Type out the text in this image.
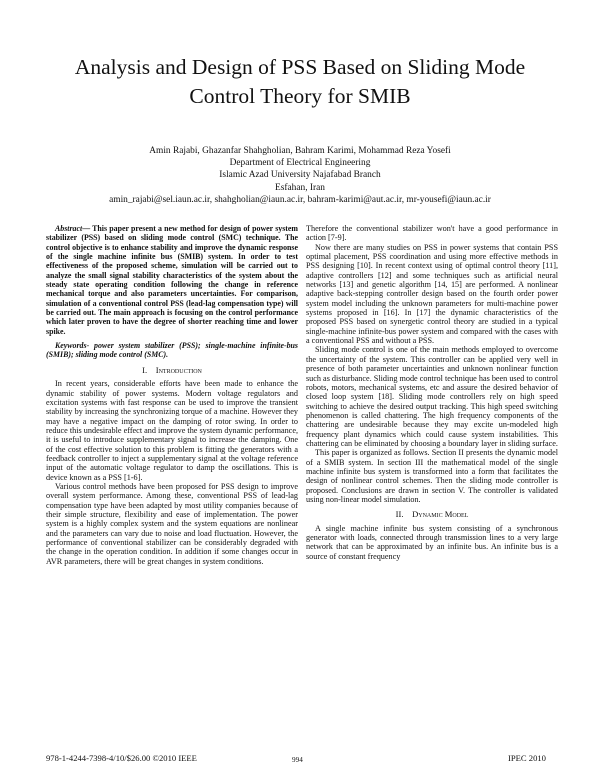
Analysis and Design of PSS Based on Sliding Mode
Control Theory for SMIB
Amin Rajabi, Ghazanfar Shahgholian, Bahram Karimi, Mohammad Reza Yosefi
Department of Electrical Engineering
Islamic Azad University Najafabad Branch
Esfahan, Iran
amin_rajabi@sel.iaun.ac.ir, shahgholian@iaun.ac.ir, bahram-karimi@aut.ac.ir, mr-yousefi@iaun.ac.ir

Abstract— This paper present a new method for design of power system stabilizer (PSS) based on sliding mode control (SMC) technique. The control objective is to enhance stability and improve the dynamic response of the single machine infinite bus (SMIB) system. In order to test effectiveness of the proposed scheme, simulation will be carried out to analyze the small signal stability characteristics of the system about the steady state operating condition following the change in reference mechanical torque and also parameters uncertainties. For comparison, simulation of a conventional control PSS (lead-lag compensation type) will be carried out. The main approach is focusing on the control performance which later proven to have the degree of shorter reaching time and lower spike.

Keywords- power system stabilizer (PSS); single-machine infinite-bus (SMIB); sliding mode control (SMC).

I. Introduction

In recent years, considerable efforts have been made to enhance the dynamic stability of power systems. Modern voltage regulators and excitation systems with fast response can be used to improve the transient stability by increasing the synchronizing torque of a machine. However they may have a negative impact on the damping of rotor swing. In order to reduce this undesirable effect and improve the system dynamic performance, it is useful to introduce supplementary signal to increase the damping. One of the cost effective solution to this problem is fitting the generators with a feedback controller to inject a supplementary signal at the voltage reference input of the automatic voltage regulator to damp the oscillations. This is device known as a PSS [1-6].

Various control methods have been proposed for PSS design to improve overall system performance. Among these, conventional PSS of lead-lag compensation type have been adapted by most utility companies because of their simple structure, flexibility and ease of implementation. The power system is a highly complex system and the system equations are nonlinear and the parameters can vary due to noise and load fluctuation. However, the performance of conventional stabilizer can be considerably degraded with the change in the operation condition. In addition if some changes occur in AVR parameters, there will be great changes in system conditions.

Therefore the conventional stabilizer won't have a good performance in action [7-9].

Now there are many studies on PSS in power systems that contain PSS optimal placement, PSS coordination and using more effective methods in PSS designing [10]. In recent context using of optimal control theory [11], adaptive controllers [12] and some techniques such as artificial neural networks [13] and genetic algorithm [14, 15] are performed. A nonlinear adaptive back-stepping controller design based on the fourth order power system model including the unknown parameters for multi-machine power systems proposed in [16]. In [17] the dynamic characteristics of the proposed PSS based on synergetic control theory are studied in a typical single-machine infinite-bus power system and compared with the cases with a conventional PSS and without a PSS.

Sliding mode control is one of the main methods employed to overcome the uncertainty of the system. This controller can be applied very well in presence of both parameter uncertainties and unknown nonlinear function such as disturbance. Sliding mode control technique has been used to control robots, motors, mechanical systems, etc and assure the desired behavior of closed loop system [18]. Sliding mode controllers rely on high speed switching to achieve the desired output tracking. This high speed switching phenomenon is called chattering. The high frequency components of the chattering are undesirable because they may excite un-modeled high frequency plant dynamics which could cause system instabilities. This chattering can be eliminated by choosing a boundary layer in sliding surface.

This paper is organized as follows. Section II presents the dynamic model of a SMIB system. In section III the mathematical model of the single machine infinite bus system is transformed into a form that facilitates the design of nonlinear control schemes. Then the sliding mode controller is proposed. Conclusions are drawn in section V. The controller is validated using non-linear model simulation.

II. Dynamic Model

A single machine infinite bus system consisting of a synchronous generator with loads, connected through transmission lines to a very large network that can be approximated by an infinite bus. An infinite bus is a source of constant frequency

978-1-4244-7398-4/10/$26.00 ©2010 IEEE	994	IPEC 2010
